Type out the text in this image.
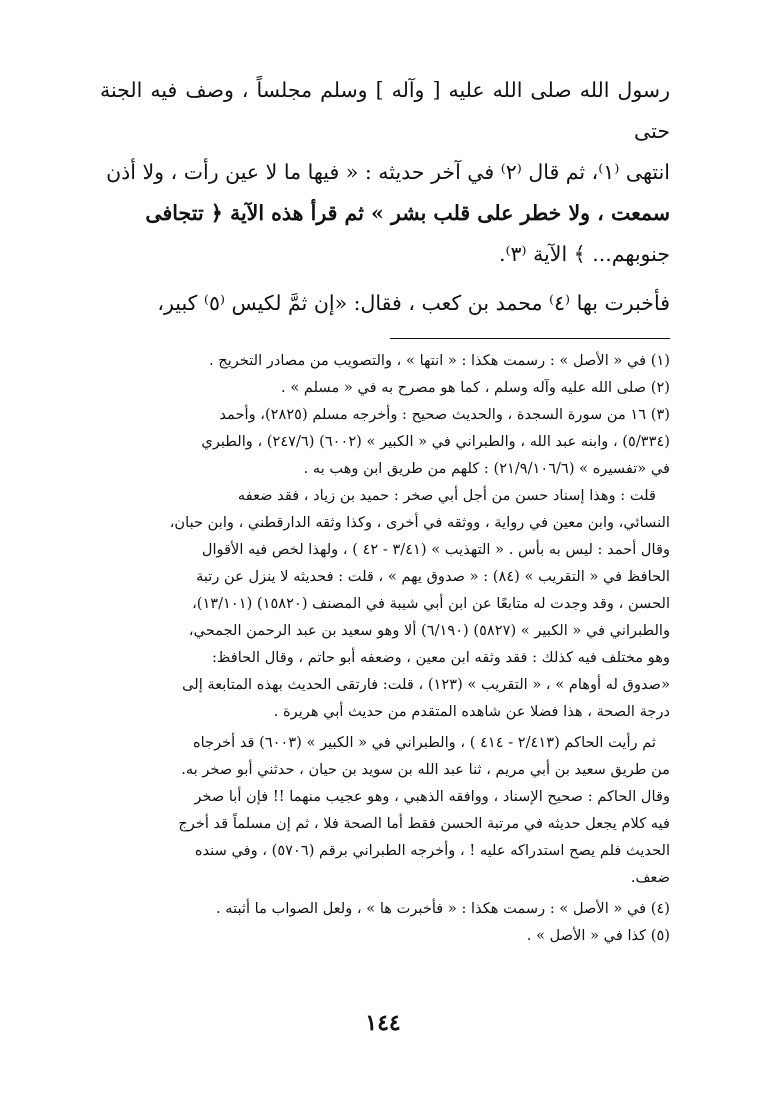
رسول الله صلى الله عليه [ وآله ] وسلم مجلساً ، وصف فيه الجنة حتى

انتهى ⁽١⁾، ثم قال ⁽٢⁾ في آخر حديثه : « فيها ما لا عين رأت ، ولا أذن

سمعت ، ولا خطر على قلب بشر » ثم قرأ هذه الآية ﴿ تتجافى

جنوبهم... ﴾ الآية ⁽٣⁾.

فأخبرت بها ⁽٤⁾ محمد بن كعب ، فقال: «إن ثمَّ لكيس ⁽٥⁾ كبير،

(١) في « الأصل » : رسمت هكذا : « انتها » ، والتصويب من مصادر التخريج .

(٢) صلى الله عليه وآله وسلم ، كما هو مصرح به في « مسلم » .

(٣) ١٦ من سورة السجدة ، والحديث صحيح : وأخرجه مسلم (٢٨٢٥)، وأحمد

(٥/٣٣٤) ، وابنه عبد الله ، والطبراني في « الكبير » (٦٠٠٢) (٢٤٧/٦) ، والطبري

في «تفسيره » (٢١/٩/١٠٦/٦) : كلهم من طريق ابن وهب به .

قلت : وهذا إسناد حسن من أجل أبي صخر : حميد بن زياد ، فقد ضعفه

النسائي، وابن معين في رواية ، ووثقه في أخرى ، وكذا وثقه الدارقطني ، وابن حبان،

وقال أحمد : ليس به بأس . « التهذيب » (٣/٤١ - ٤٢ ) ، ولهذا لخص فيه الأقوال

الحافظ في « التقريب » (٨٤) : « صدوق يهم » ، قلت : فحديثه لا ينزل عن رتبة

الحسن ، وقد وجدت له متابعًا عن ابن أبي شيبة في المصنف (١٥٨٢٠) (١٣/١٠١)،

والطبراني في « الكبير » (٥٨٢٧) (٦/١٩٠) ألا وهو سعيد بن عبد الرحمن الجمحي،

وهو مختلف فيه كذلك : فقد وثقه ابن معين ، وضعفه أبو حاتم ، وقال الحافظ:

«صدوق له أوهام » ، « التقريب » (١٢٣) ، قلت: فارتقى الحديث بهذه المتابعة إلى

درجة الصحة ، هذا فضلا عن شاهده المتقدم من حديث أبي هريرة .

ثم رأيت الحاكم (٢/٤١٣ - ٤١٤ ) ، والطبراني في « الكبير » (٦٠٠٣) قد أخرجاه

من طريق سعيد بن أبي مريم ، ثنا عبد الله بن سويد بن حيان ، حدثني أبو صخر به.

وقال الحاكم : صحيح الإسناد ، ووافقه الذهبي ، وهو عجيب منهما !! فإن أبا صخر

فيه كلام يجعل حديثه في مرتبة الحسن فقط أما الصحة فلا ، ثم إن مسلماً قد أخرج

الحديث فلم يصح استدراكه عليه ! ، وأخرجه الطبراني برقم (٥٧٠٦) ، وفي سنده

ضعف.

(٤) في « الأصل » : رسمت هكذا : « فأخبرت ها » ، ولعل الصواب ما أثبته .

(٥) كذا في « الأصل » .

١٤٤
